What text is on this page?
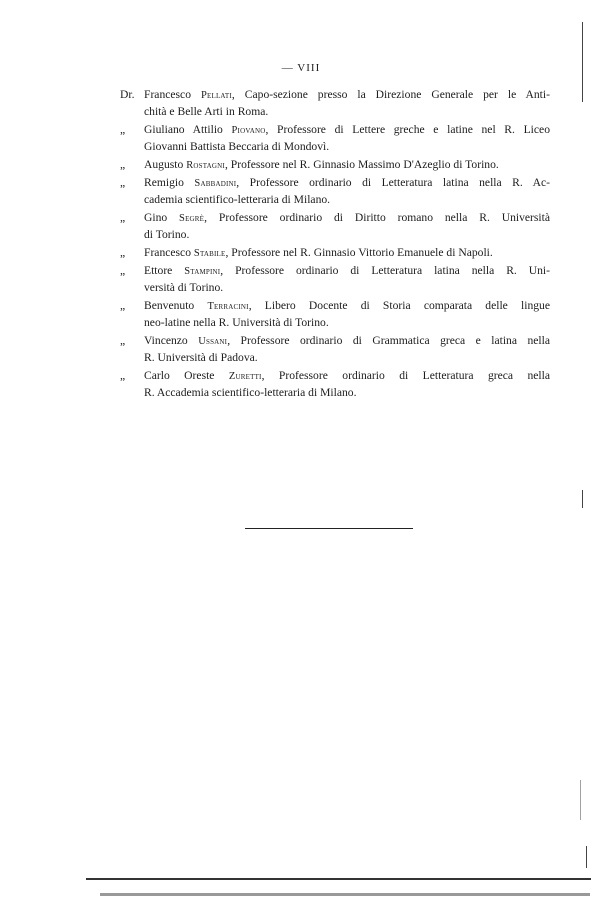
— VIII
Dr. Francesco Pellati, Capo-sezione presso la Direzione Generale per le Anti-
chità e Belle Arti in Roma.
„ Giuliano Attilio Piovano, Professore di Lettere greche e latine nel R. Liceo
Giovanni Battista Beccaria di Mondovì.
„ Augusto Rostagni, Professore nel R. Ginnasio Massimo D'Azeglio di Torino.
„ Remigio Sabbadini, Professore ordinario di Letteratura latina nella R. Ac-
cademia scientifico-letteraria di Milano.
„ Gino Segrè, Professore ordinario di Diritto romano nella R. Università
di Torino.
„ Francesco Stabile, Professore nel R. Ginnasio Vittorio Emanuele di Napoli.
„ Ettore Stampini, Professore ordinario di Letteratura latina nella R. Uni-
versità di Torino.
„ Benvenuto Terracini, Libero Docente di Storia comparata delle lingue
neo-latine nella R. Università di Torino.
„ Vincenzo Ussani, Professore ordinario di Grammatica greca e latina nella
R. Università di Padova.
„ Carlo Oreste Zuretti, Professore ordinario di Letteratura greca nella
R. Accademia scientifico-letteraria di Milano.
